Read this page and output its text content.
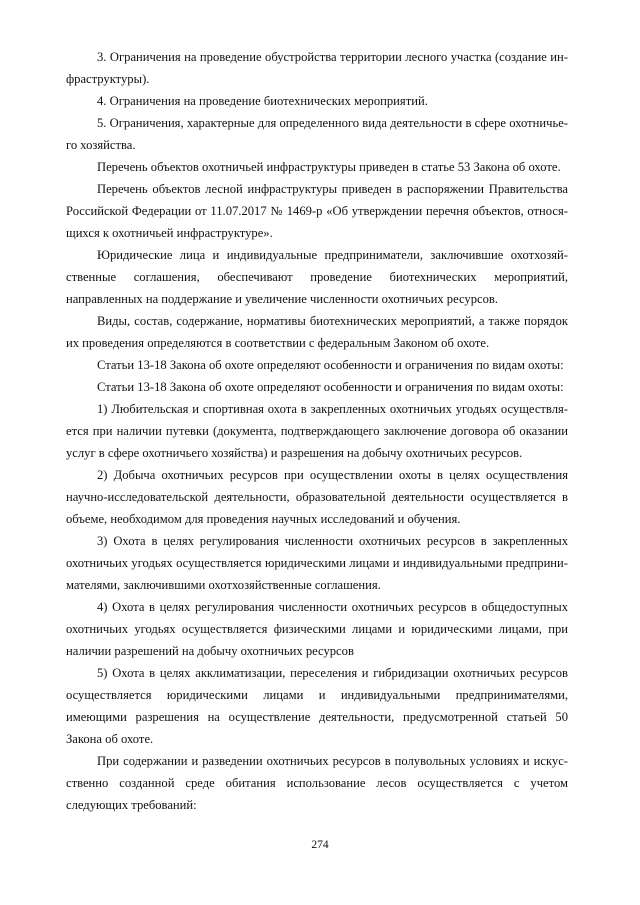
3. Ограничения на проведение обустройства территории лесного участка (создание инфраструктуры).

4. Ограничения на проведение биотехнических мероприятий.

5. Ограничения, характерные для определенного вида деятельности в сфере охотничьего хозяйства.

Перечень объектов охотничьей инфраструктуры приведен в статье 53 Закона об охоте.

Перечень объектов лесной инфраструктуры приведен в распоряжении Правительства Российской Федерации от 11.07.2017 № 1469-р «Об утверждении перечня объектов, относящихся к охотничьей инфраструктуре».

Юридические лица и индивидуальные предприниматели, заключившие охотхозяйственные соглашения, обеспечивают проведение биотехнических мероприятий, направленных на поддержание и увеличение численности охотничьих ресурсов.

Виды, состав, содержание, нормативы биотехнических мероприятий, а также порядок их проведения определяются в соответствии с федеральным Законом об охоте.

Статьи 13-18 Закона об охоте определяют особенности и ограничения по видам охоты:

Статьи 13-18 Закона об охоте определяют особенности и ограничения по видам охоты:

1) Любительская и спортивная охота в закрепленных охотничьих угодьях осуществляется при наличии путевки (документа, подтверждающего заключение договора об оказании услуг в сфере охотничьего хозяйства) и разрешения на добычу охотничьих ресурсов.

2) Добыча охотничьих ресурсов при осуществлении охоты в целях осуществления научно-исследовательской деятельности, образовательной деятельности осуществляется в объеме, необходимом для проведения научных исследований и обучения.

3) Охота в целях регулирования численности охотничьих ресурсов в закрепленных охотничьих угодьях осуществляется юридическими лицами и индивидуальными предпринимателями, заключившими охотхозяйственные соглашения.

4) Охота в целях регулирования численности охотничьих ресурсов в общедоступных охотничьих угодьях осуществляется физическими лицами и юридическими лицами, при наличии разрешений на добычу охотничьих ресурсов

5) Охота в целях акклиматизации, переселения и гибридизации охотничьих ресурсов осуществляется юридическими лицами и индивидуальными предпринимателями, имеющими разрешения на осуществление деятельности, предусмотренной статьей 50 Закона об охоте.

При содержании и разведении охотничьих ресурсов в полувольных условиях и искусственно созданной среде обитания использование лесов осуществляется с учетом следующих требований:

274
